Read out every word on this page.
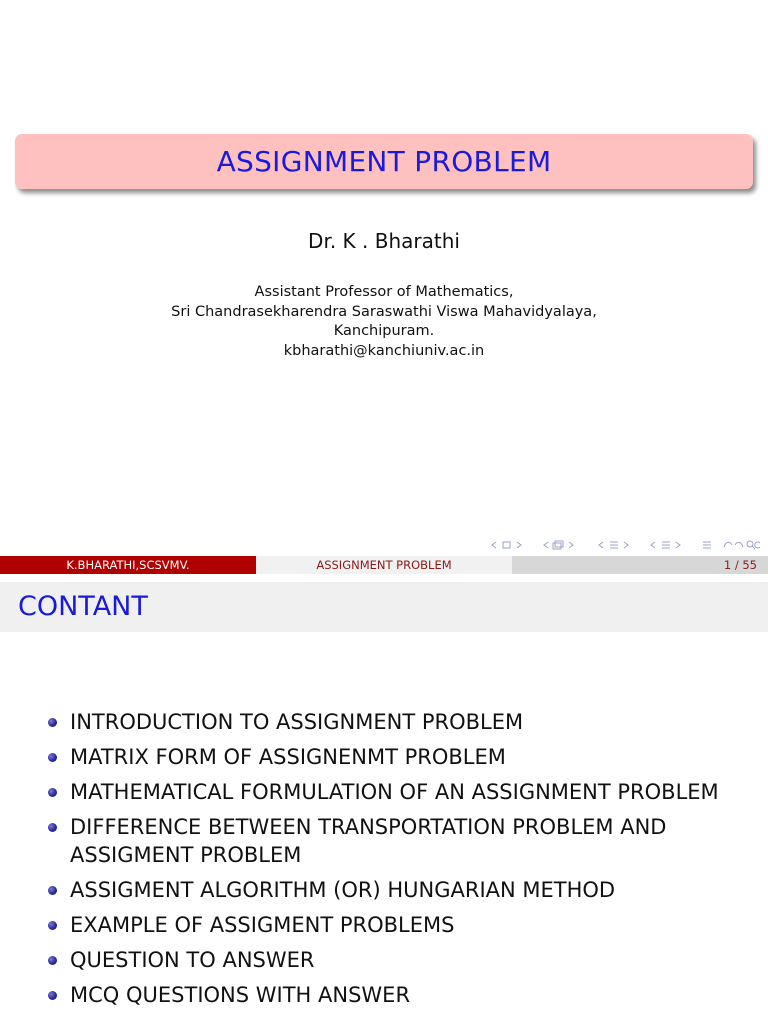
ASSIGNMENT PROBLEM
Dr. K . Bharathi
Assistant Professor of Mathematics,
Sri Chandrasekharendra Saraswathi Viswa Mahavidyalaya,
Kanchipuram.
kbharathi@kanchiuniv.ac.in
K.BHARATHI,SCSVMV.	ASSIGNMENT PROBLEM	1 / 55
CONTANT
INTRODUCTION TO ASSIGNMENT PROBLEM
MATRIX FORM OF ASSIGNENMT PROBLEM
MATHEMATICAL FORMULATION OF AN ASSIGNMENT PROBLEM
DIFFERENCE BETWEEN TRANSPORTATION PROBLEM AND ASSIGMENT PROBLEM
ASSIGMENT ALGORITHM (OR) HUNGARIAN METHOD
EXAMPLE OF ASSIGMENT PROBLEMS
QUESTION TO ANSWER
MCQ QUESTIONS WITH ANSWER
